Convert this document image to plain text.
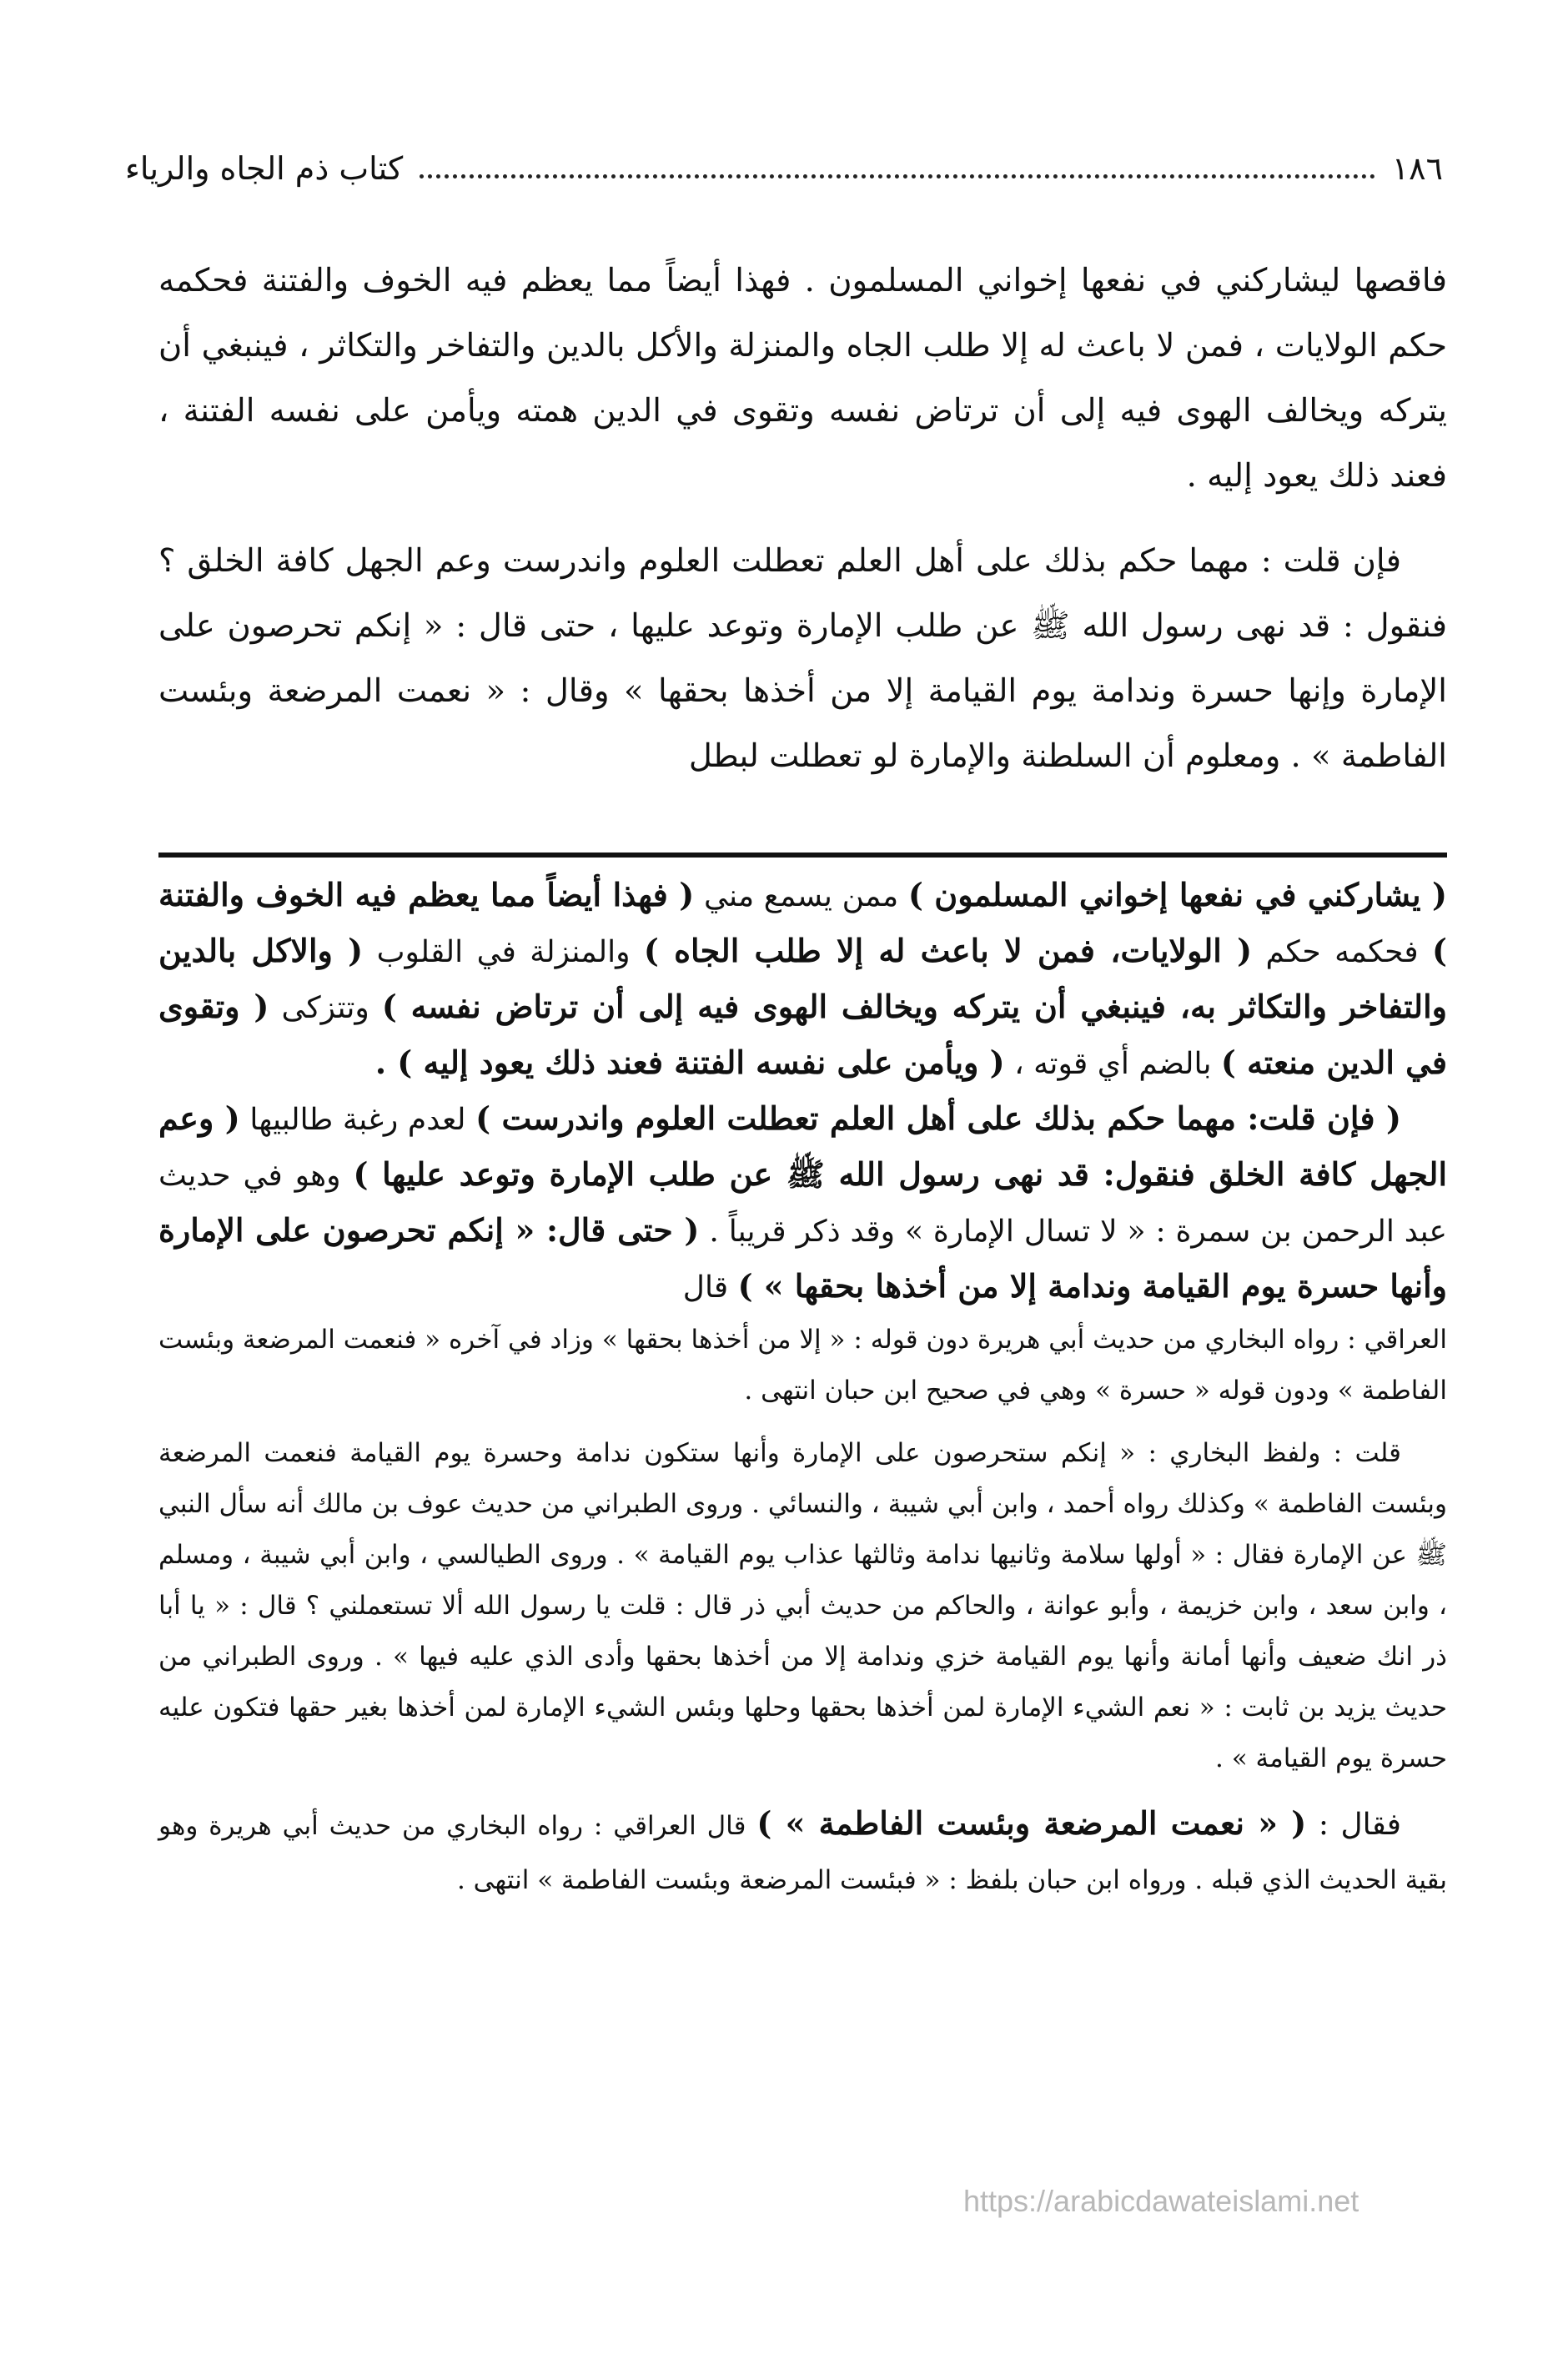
١٨٦
كتاب ذم الجاه والرياء

فاقصها ليشاركني في نفعها إخواني المسلمون . فهذا أيضاً مما يعظم فيه الخوف والفتنة فحكمه حكم الولايات ، فمن لا باعث له إلا طلب الجاه والمنزلة والأكل بالدين والتفاخر والتكاثر ، فينبغي أن يتركه ويخالف الهوى فيه إلى أن ترتاض نفسه وتقوى في الدين همته ويأمن على نفسه الفتنة ، فعند ذلك يعود إليه .

فإن قلت : مهما حكم بذلك على أهل العلم تعطلت العلوم واندرست وعم الجهل كافة الخلق ؟ فنقول : قد نهى رسول الله ﷺ عن طلب الإمارة وتوعد عليها ، حتى قال : « إنكم تحرصون على الإمارة وإنها حسرة وندامة يوم القيامة إلا من أخذها بحقها » وقال : « نعمت المرضعة وبئست الفاطمة » . ومعلوم أن السلطنة والإمارة لو تعطلت لبطل

( يشاركني في نفعها إخواني المسلمون ) ممن يسمع مني ( فهذا أيضاً مما يعظم فيه الخوف والفتنة ) فحكمه حكم ( الولايات، فمن لا باعث له إلا طلب الجاه ) والمنزلة في القلوب ( والاكل بالدين والتفاخر والتكاثر به، فينبغي أن يتركه ويخالف الهوى فيه إلى أن ترتاض نفسه ) وتتزكى ( وتقوى في الدين منعته ) بالضم أي قوته ، ( ويأمن على نفسه الفتنة فعند ذلك يعود إليه ) .

( فإن قلت: مهما حكم بذلك على أهل العلم تعطلت العلوم واندرست ) لعدم رغبة طالبيها ( وعم الجهل كافة الخلق فنقول: قد نهى رسول الله ﷺ عن طلب الإمارة وتوعد عليها ) وهو في حديث عبد الرحمن بن سمرة : « لا تسال الإمارة » وقد ذكر قريباً . ( حتى قال: « إنكم تحرصون على الإمارة وأنها حسرة يوم القيامة وندامة إلا من أخذها بحقها » ) قال

العراقي : رواه البخاري من حديث أبي هريرة دون قوله : « إلا من أخذها بحقها » وزاد في آخره « فنعمت المرضعة وبئست الفاطمة » ودون قوله « حسرة » وهي في صحيح ابن حبان انتهى .

قلت : ولفظ البخاري : « إنكم ستحرصون على الإمارة وأنها ستكون ندامة وحسرة يوم القيامة فنعمت المرضعة وبئست الفاطمة » وكذلك رواه أحمد ، وابن أبي شيبة ، والنسائي . وروى الطبراني من حديث عوف بن مالك أنه سأل النبي ﷺ عن الإمارة فقال : « أولها سلامة وثانيها ندامة وثالثها عذاب يوم القيامة » . وروى الطيالسي ، وابن أبي شيبة ، ومسلم ، وابن سعد ، وابن خزيمة ، وأبو عوانة ، والحاكم من حديث أبي ذر قال : قلت يا رسول الله ألا تستعملني ؟ قال : « يا أبا ذر انك ضعيف وأنها أمانة وأنها يوم القيامة خزي وندامة إلا من أخذها بحقها وأدى الذي عليه فيها » . وروى الطبراني من حديث يزيد بن ثابت : « نعم الشيء الإمارة لمن أخذها بحقها وحلها وبئس الشيء الإمارة لمن أخذها بغير حقها فتكون عليه حسرة يوم القيامة » .

فقال : ( « نعمت المرضعة وبئست الفاطمة » ) قال العراقي : رواه البخاري من حديث أبي هريرة وهو بقية الحديث الذي قبله . ورواه ابن حبان بلفظ : « فبئست المرضعة وبئست الفاطمة » انتهى .

https://arabicdawateislami.net
